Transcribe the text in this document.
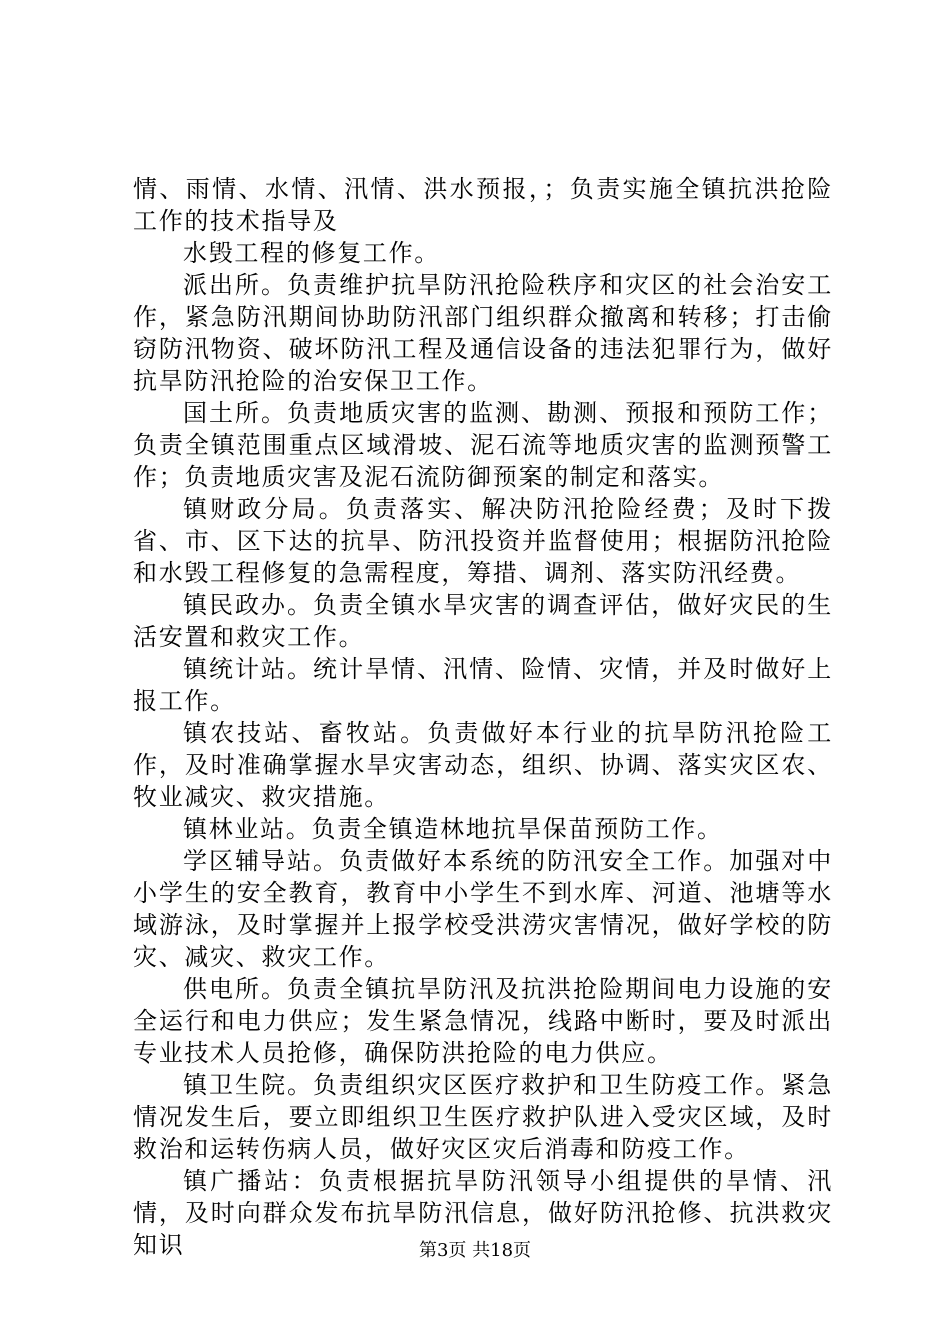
情、雨情、水情、汛情、洪水预报，；负责实施全镇抗洪抢险工作的技术指导及

水毁工程的修复工作。

派出所。负责维护抗旱防汛抢险秩序和灾区的社会治安工作，紧急防汛期间协助防汛部门组织群众撤离和转移；打击偷窃防汛物资、破坏防汛工程及通信设备的违法犯罪行为，做好抗旱防汛抢险的治安保卫工作。

国土所。负责地质灾害的监测、勘测、预报和预防工作；负责全镇范围重点区域滑坡、泥石流等地质灾害的监测预警工作；负责地质灾害及泥石流防御预案的制定和落实。

镇财政分局。负责落实、解决防汛抢险经费；及时下拨省、市、区下达的抗旱、防汛投资并监督使用；根据防汛抢险和水毁工程修复的急需程度，筹措、调剂、落实防汛经费。

镇民政办。负责全镇水旱灾害的调查评估，做好灾民的生活安置和救灾工作。

镇统计站。统计旱情、汛情、险情、灾情，并及时做好上报工作。

镇农技站、畜牧站。负责做好本行业的抗旱防汛抢险工作，及时准确掌握水旱灾害动态，组织、协调、落实灾区农、牧业减灾、救灾措施。

镇林业站。负责全镇造林地抗旱保苗预防工作。

学区辅导站。负责做好本系统的防汛安全工作。加强对中小学生的安全教育，教育中小学生不到水库、河道、池塘等水域游泳，及时掌握并上报学校受洪涝灾害情况，做好学校的防灾、减灾、救灾工作。

供电所。负责全镇抗旱防汛及抗洪抢险期间电力设施的安全运行和电力供应；发生紧急情况，线路中断时，要及时派出专业技术人员抢修，确保防洪抢险的电力供应。

镇卫生院。负责组织灾区医疗救护和卫生防疫工作。紧急情况发生后，要立即组织卫生医疗救护队进入受灾区域，及时救治和运转伤病人员，做好灾区灾后消毒和防疫工作。

镇广播站：负责根据抗旱防汛领导小组提供的旱情、汛情，及时向群众发布抗旱防汛信息，做好防汛抢修、抗洪救灾知识	第3页 共18页
